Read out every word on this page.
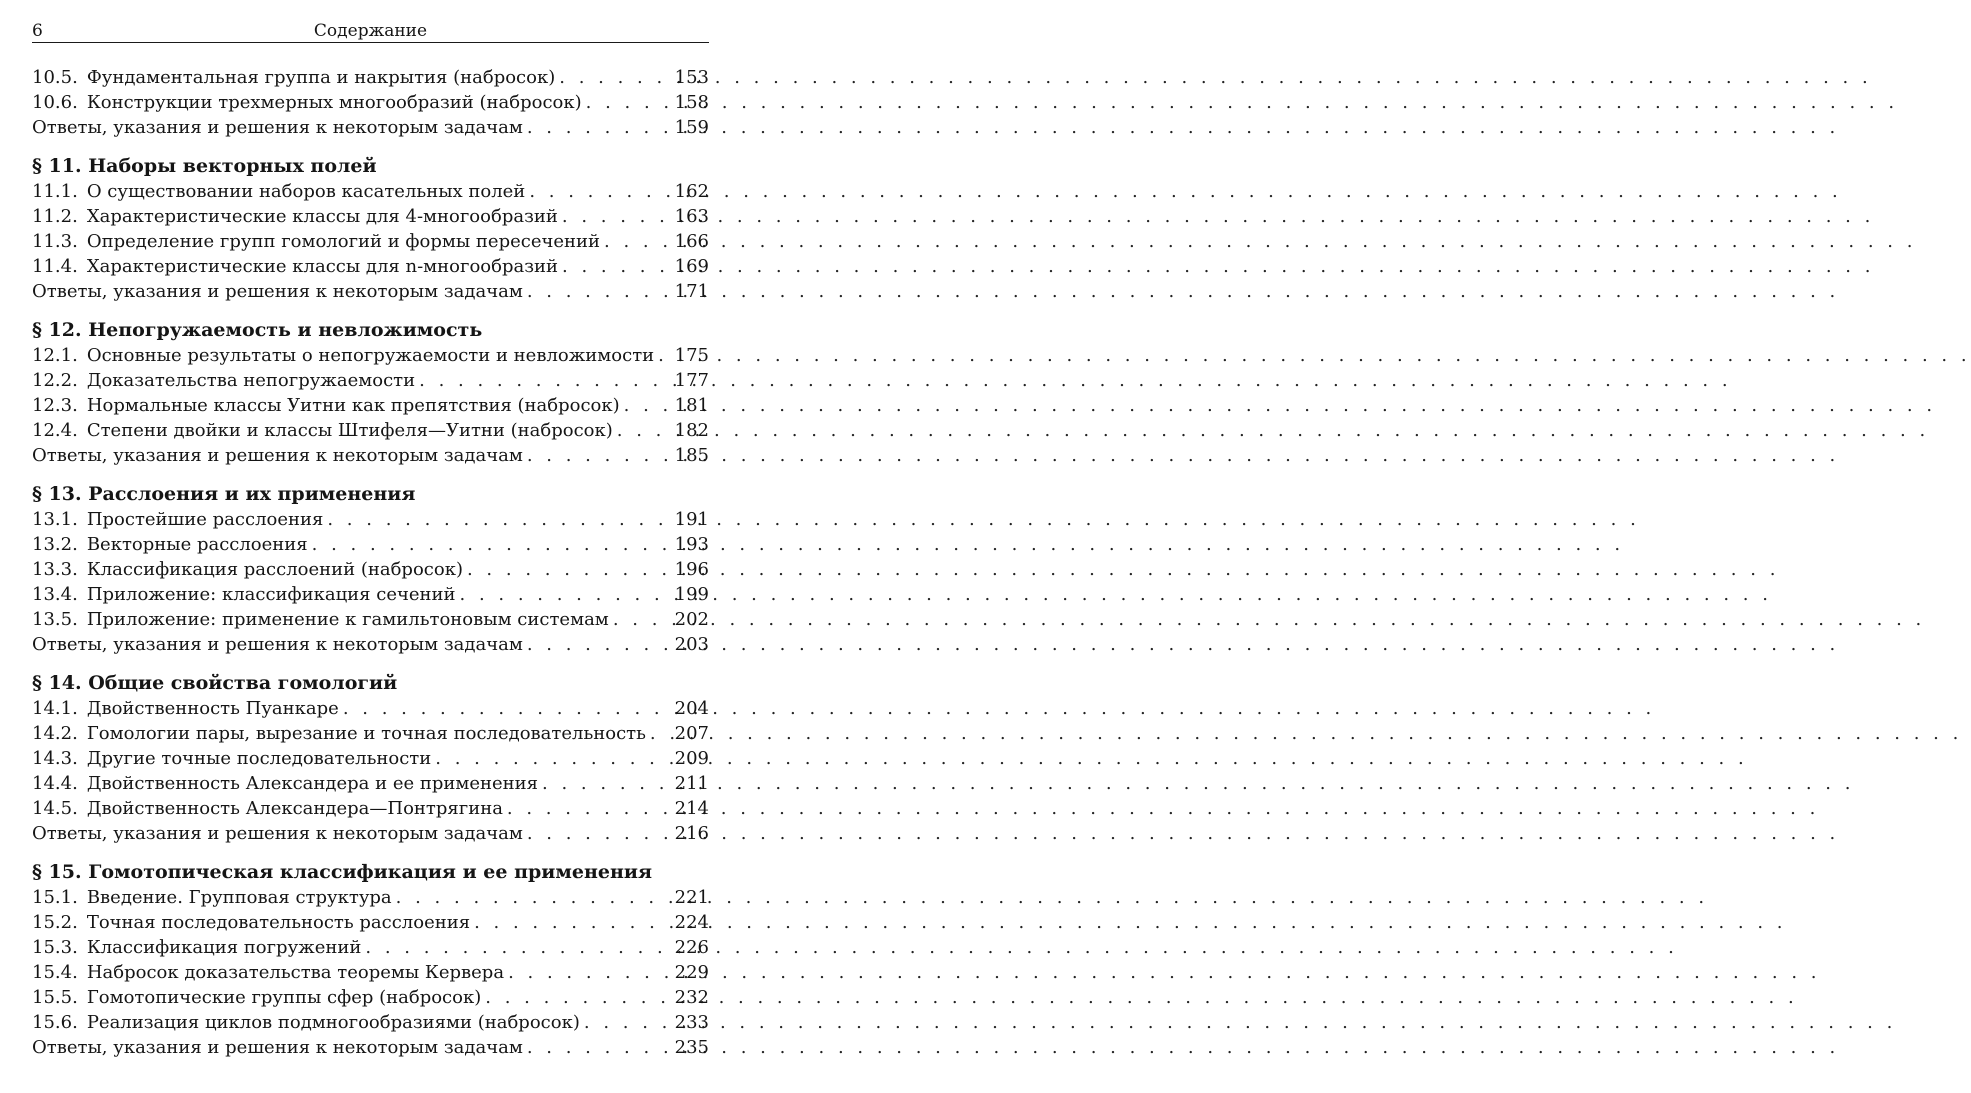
6	Содержание
10.5. Фундаментальная группа и накрытия (набросок) . . .	153
10.6. Конструкции трехмерных многообразий (набросок) . . .	158
Ответы, указания и решения к некоторым задачам . . .	159
§ 11. Наборы векторных полей
11.1. О существовании наборов касательных полей . . .	162
11.2. Характеристические классы для 4-многообразий . . .	163
11.3. Определение групп гомологий и формы пересечений . . .	166
11.4. Характеристические классы для n-многообразий . . .	169
Ответы, указания и решения к некоторым задачам . . .	171
§ 12. Непогружаемость и невложимость
12.1. Основные результаты о непогружаемости и невложимости . . . 175
12.2. Доказательства непогружаемости . . .	177
12.3. Нормальные классы Уитни как препятствия (набросок) . . .	181
12.4. Степени двойки и классы Штифеля—Уитни (набросок) . . .	182
Ответы, указания и решения к некоторым задачам . . .	185
§ 13. Расслоения и их применения
13.1. Простейшие расслоения . . .	191
13.2. Векторные расслоения . . .	193
13.3. Классификация расслоений (набросок) . . .	196
13.4. Приложение: классификация сечений . . .	199
13.5. Приложение: применение к гамильтоновым системам . . .	202
Ответы, указания и решения к некоторым задачам . . .	203
§ 14. Общие свойства гомологий
14.1. Двойственность Пуанкаре . . .	204
14.2. Гомологии пары, вырезание и точная последовательность . . . 207
14.3. Другие точные последовательности . . .	209
14.4. Двойственность Александера и ее применения . . .	211
14.5. Двойственность Александера—Понтрягина . . .	214
Ответы, указания и решения к некоторым задачам . . .	216
§ 15. Гомотопическая классификация и ее применения
15.1. Введение. Групповая структура . . .	221
15.2. Точная последовательность расслоения . . .	224
15.3. Классификация погружений . . .	226
15.4. Набросок доказательства теоремы Кервера . . .	229
15.5. Гомотопические группы сфер (набросок) . . .	232
15.6. Реализация циклов подмногообразиями (набросок) . . .	233
Ответы, указания и решения к некоторым задачам . . .	235
